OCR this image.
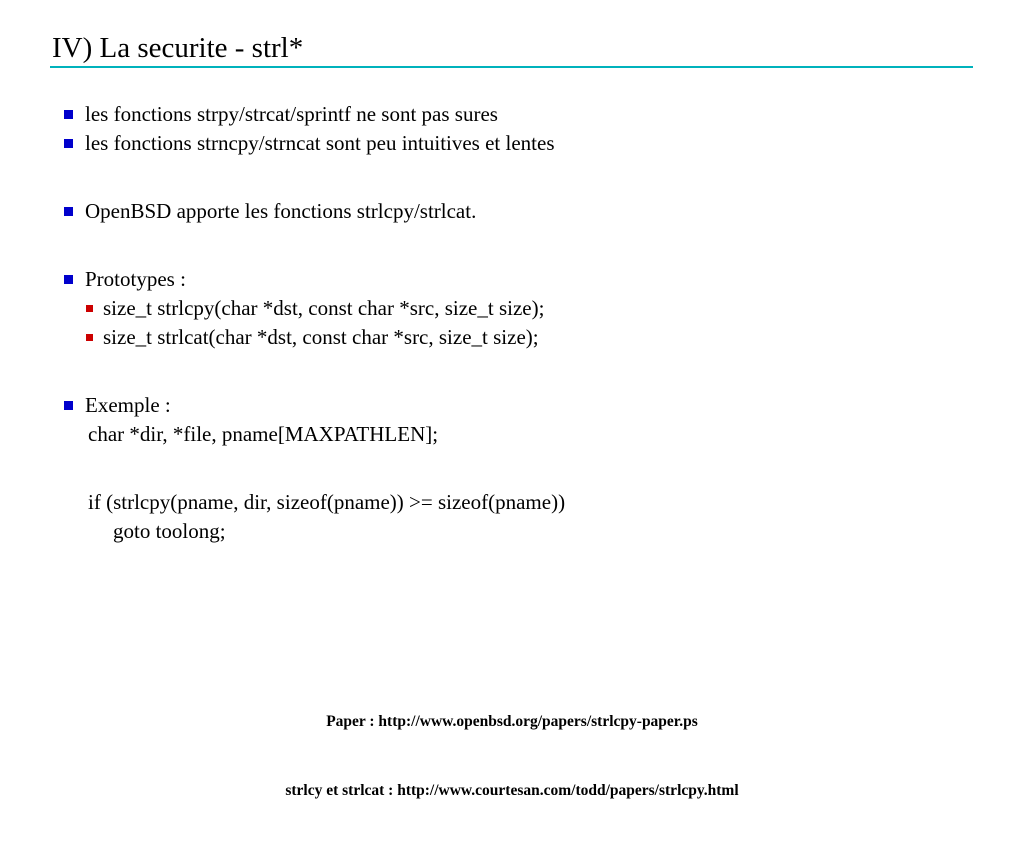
IV) La securite - strl*
les fonctions strpy/strcat/sprintf ne sont pas sures
les fonctions strncpy/strncat sont peu intuitives et lentes
OpenBSD apporte les fonctions strlcpy/strlcat.
Prototypes :
size_t strlcpy(char *dst, const char *src, size_t size);
size_t strlcat(char *dst, const char *src, size_t size);
Exemple :
char *dir, *file, pname[MAXPATHLEN];
if (strlcpy(pname, dir, sizeof(pname)) >= sizeof(pname))
goto toolong;

Paper : http://www.openbsd.org/papers/strlcpy-paper.ps

strlcy et strlcat : http://www.courtesan.com/todd/papers/strlcpy.html
